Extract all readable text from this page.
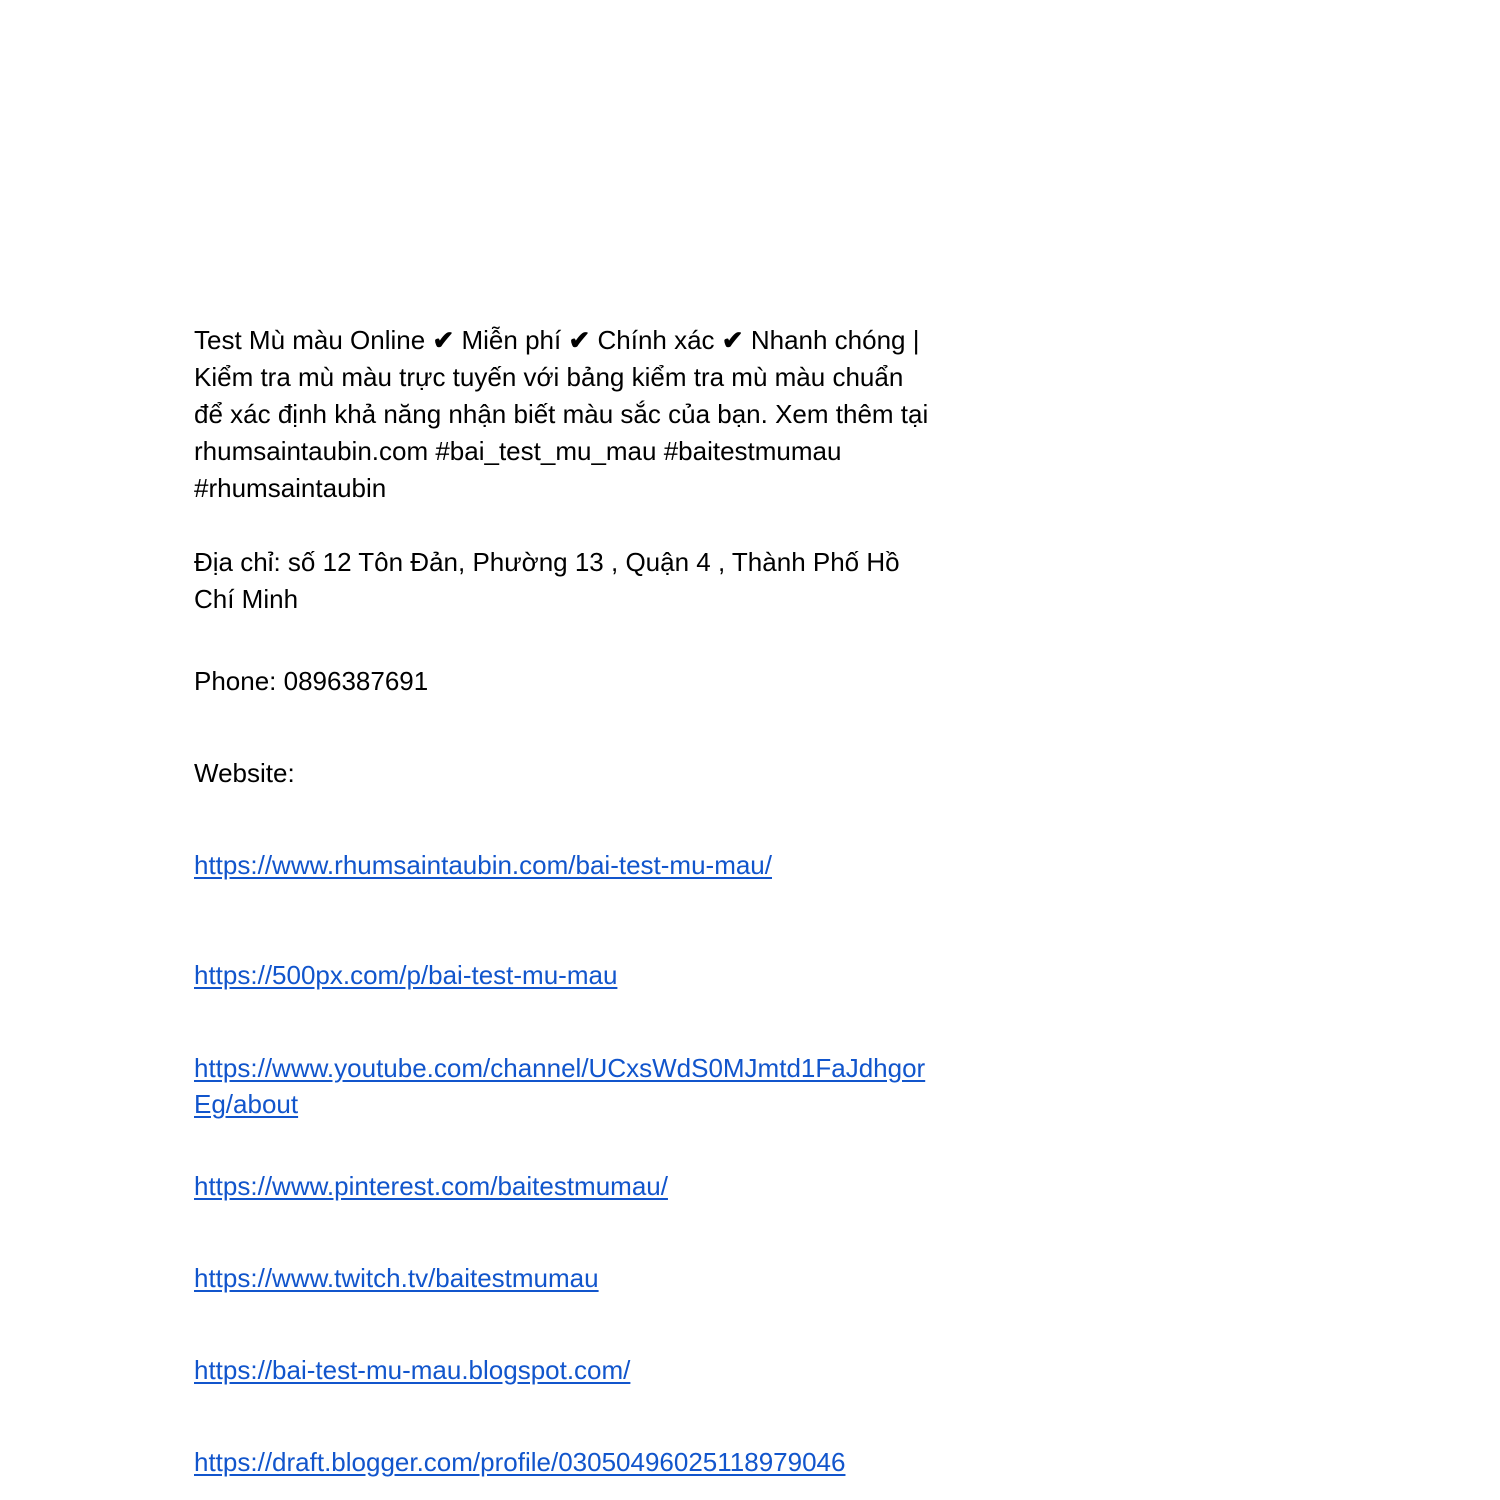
Test Mù màu Online ✔ Miễn phí ✔ Chính xác ✔ Nhanh chóng | Kiểm tra mù màu trực tuyến với bảng kiểm tra mù màu chuẩn để xác định khả năng nhận biết màu sắc của bạn. Xem thêm tại rhumsaintaubin.com #bai_test_mu_mau #baitestmumau #rhumsaintaubin

Địa chỉ: số 12 Tôn Đản, Phường 13 , Quận 4 , Thành Phố Hồ Chí Minh

Phone: 0896387691

Website:

https://www.rhumsaintaubin.com/bai-test-mu-mau/
https://500px.com/p/bai-test-mu-mau
https://www.youtube.com/channel/UCxsWdS0MJmtd1FaJdhgorEg/about
https://www.pinterest.com/baitestmumau/
https://www.twitch.tv/baitestmumau
https://bai-test-mu-mau.blogspot.com/
https://draft.blogger.com/profile/03050496025118979046
